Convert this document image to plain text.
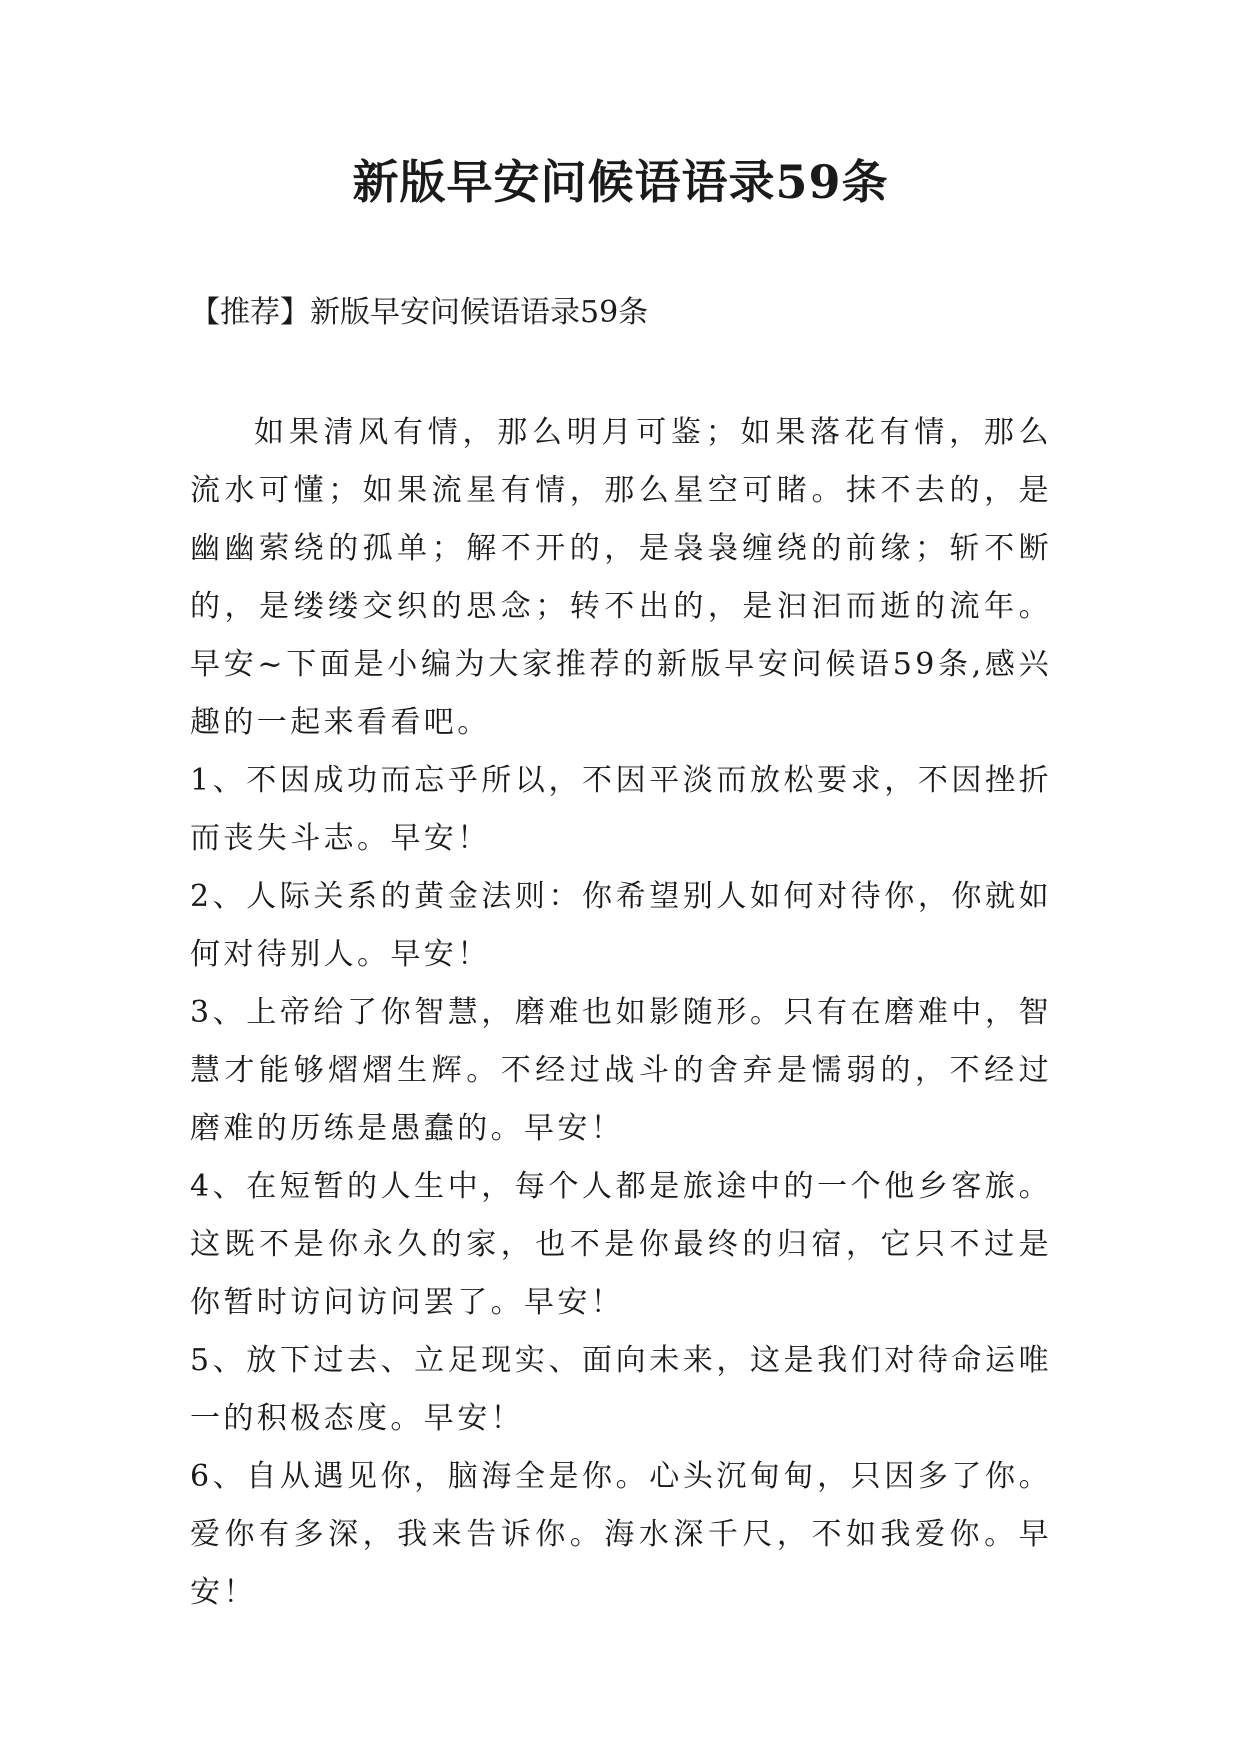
新版早安问候语语录59条

【推荐】新版早安问候语语录59条

如果清风有情，那么明月可鉴；如果落花有情，那么流水可懂；如果流星有情，那么星空可睹。抹不去的，是幽幽萦绕的孤单；解不开的，是袅袅缠绕的前缘；斩不断的，是缕缕交织的思念；转不出的，是汩汩而逝的流年。早安~下面是小编为大家推荐的新版早安问候语59条,感兴趣的一起来看看吧。

1、不因成功而忘乎所以，不因平淡而放松要求，不因挫折而丧失斗志。早安！

2、人际关系的黄金法则：你希望别人如何对待你，你就如何对待别人。早安！

3、上帝给了你智慧，磨难也如影随形。只有在磨难中，智慧才能够熠熠生辉。不经过战斗的舍弃是懦弱的，不经过磨难的历练是愚蠢的。早安！

4、在短暂的人生中，每个人都是旅途中的一个他乡客旅。这既不是你永久的家，也不是你最终的归宿，它只不过是你暂时访问访问罢了。早安！

5、放下过去、立足现实、面向未来，这是我们对待命运唯一的积极态度。早安！

6、自从遇见你，脑海全是你。心头沉甸甸，只因多了你。爱你有多深，我来告诉你。海水深千尺，不如我爱你。早安！
